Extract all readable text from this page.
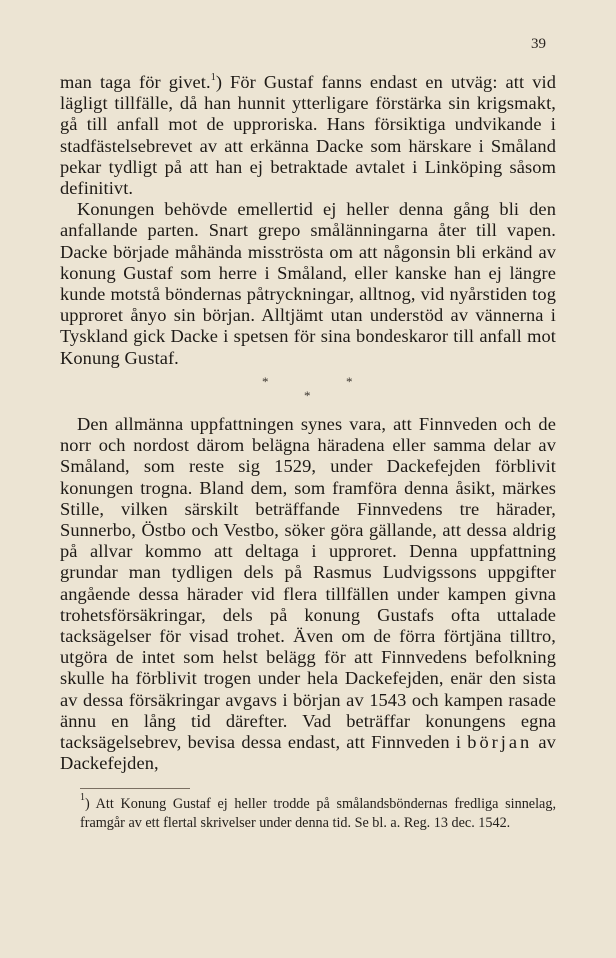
39

man taga för givet.$^1$) För Gustaf fanns endast en utväg: att vid lägligt tillfälle, då han hunnit ytterligare förstärka sin krigsmakt, gå till anfall mot de upproriska. Hans försiktiga undvikande i stadfästelsebrevet av att erkänna Dacke som härskare i Småland pekar tydligt på att han ej betraktade avtalet i Linköping såsom definitivt.

Konungen behövde emellertid ej heller denna gång bli den anfallande parten. Snart grepo smålänningarna åter till vapen. Dacke började måhända misströsta om att någonsin bli erkänd av konung Gustaf som herre i Småland, eller kanske han ej längre kunde motstå böndernas påtryckningar, alltnog, vid nyårstiden tog upproret ånyo sin början. Alltjämt utan understöd av vännerna i Tyskland gick Dacke i spetsen för sina bondeskaror till anfall mot Konung Gustaf.

*	*
*

Den allmänna uppfattningen synes vara, att Finnveden och de norr och nordost därom belägna häradena eller samma delar av Småland, som reste sig 1529, under Dackefejden förblivit konungen trogna. Bland dem, som framföra denna åsikt, märkes Stille, vilken särskilt beträffande Finnvedens tre härader, Sunnerbo, Östbo och Vestbo, söker göra gällande, att dessa aldrig på allvar kommo att deltaga i upproret. Denna uppfattning grundar man tydligen dels på Rasmus Ludvigssons uppgifter angående dessa härader vid flera tillfällen under kampen givna trohetsförsäkringar, dels på konung Gustafs ofta uttalade tacksägelser för visad trohet. Även om de förra förtjäna tilltro, utgöra de intet som helst belägg för att Finnvedens befolkning skulle ha förblivit trogen under hela Dackefejden, enär den sista av dessa försäkringar avgavs i början av 1543 och kampen rasade ännu en lång tid därefter. Vad beträffar konungens egna tacksägelsebrev, bevisa dessa endast, att Finnveden i början av Dackefejden,

$^1$) Att Konung Gustaf ej heller trodde på smålandsböndernas fredliga sinnelag, framgår av ett flertal skrivelser under denna tid. Se bl. a. Reg. 13 dec. 1542.
